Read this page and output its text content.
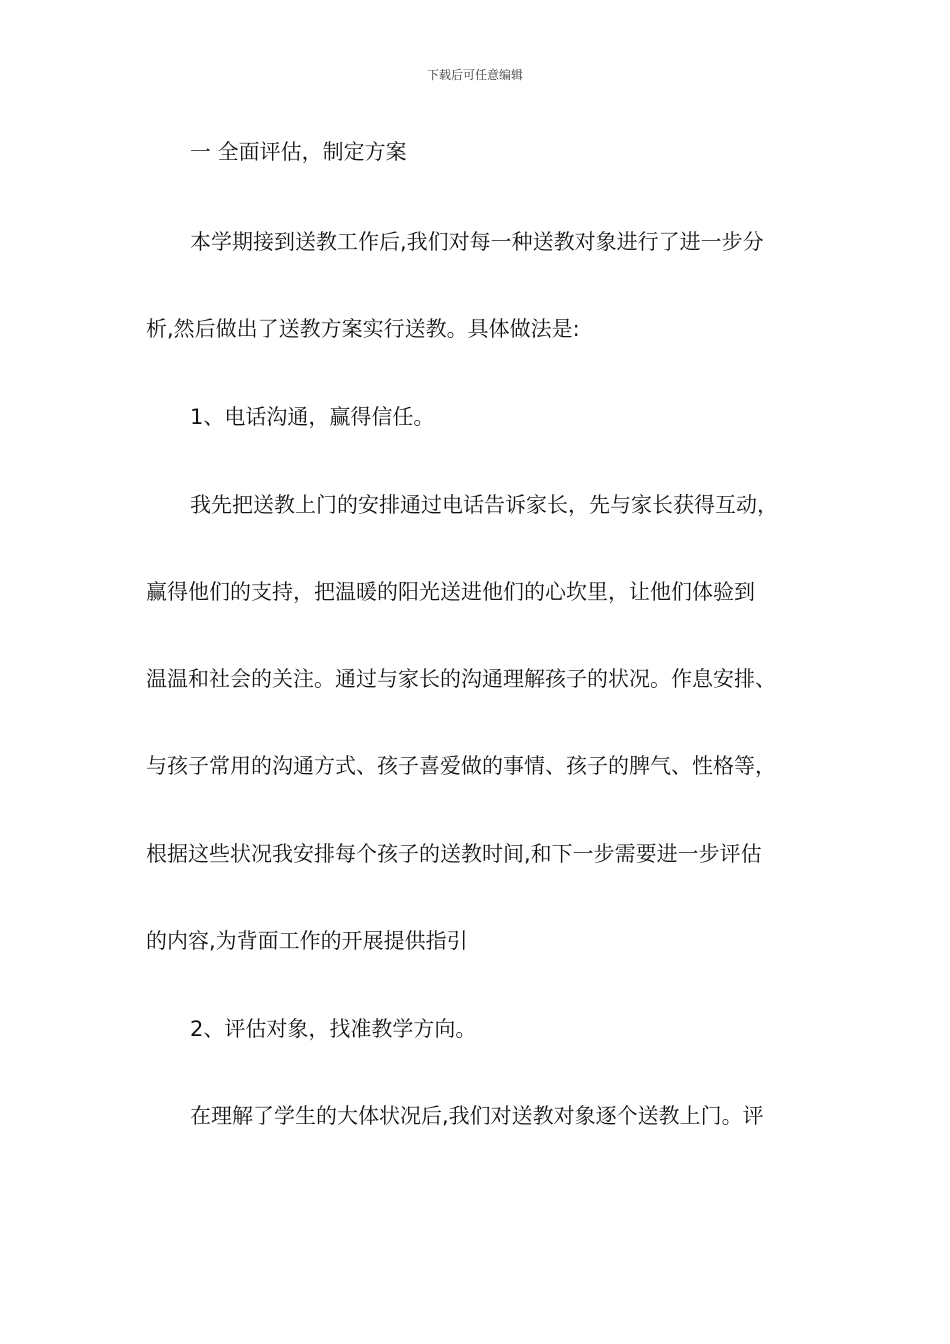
下载后可任意编辑
一 全面评估，制定方案
本学期接到送教工作后,我们对每一种送教对象进行了进一步分
析,然后做出了送教方案实行送教。具体做法是:
1、电话沟通，赢得信任。
我先把送教上门的安排通过电话告诉家长，先与家长获得互动，
赢得他们的支持，把温暖的阳光送进他们的心坎里，让他们体验到
温温和社会的关注。通过与家长的沟通理解孩子的状况。作息安排、
与孩子常用的沟通方式、孩子喜爱做的事情、孩子的脾气、性格等，
根据这些状况我安排每个孩子的送教时间,和下一步需要进一步评估
的内容,为背面工作的开展提供指引
2、评估对象，找准教学方向。
在理解了学生的大体状况后,我们对送教对象逐个送教上门。评
